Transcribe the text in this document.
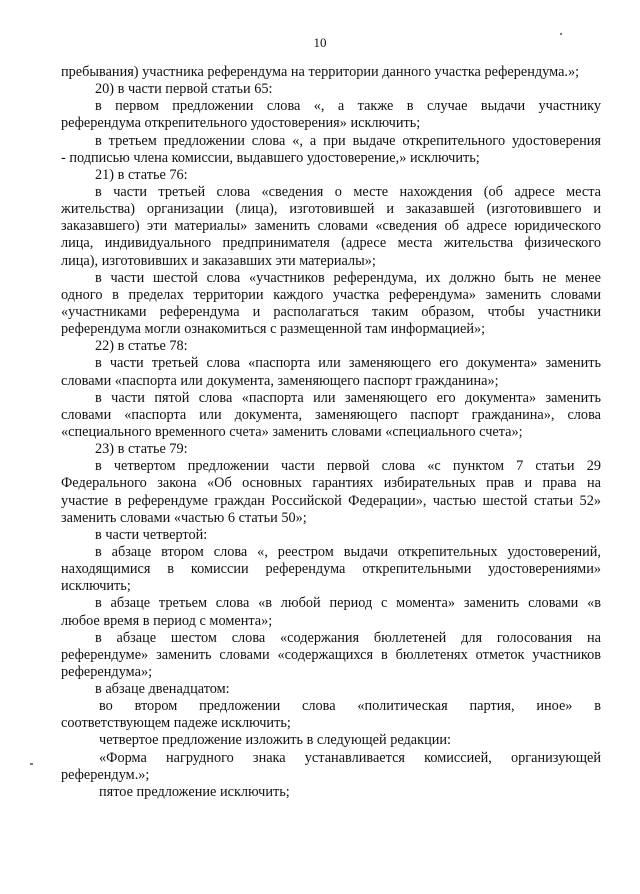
10
пребывания) участника референдума на территории данного участка референдума.»;
20) в части первой статьи 65:
в первом предложении слова «, а также в случае выдачи участнику
референдума открепительного удостоверения» исключить;
в третьем предложении слова «, а при выдаче открепительного удостоверения
- подписью члена комиссии, выдавшего удостоверение,» исключить;
21) в статье 76:
в части третьей слова «сведения о месте нахождения (об адресе места
жительства) организации (лица), изготовившей и заказавшей (изготовившего и
заказавшего) эти материалы» заменить словами «сведения об адресе юридического
лица, индивидуального предпринимателя (адресе места жительства физического
лица), изготовивших и заказавших эти материалы»;
в части шестой слова «участников референдума, их должно быть не менее
одного в пределах территории каждого участка референдума» заменить словами
«участниками референдума и располагаться таким образом, чтобы участники
референдума могли ознакомиться с размещенной там информацией»;
22) в статье 78:
в части третьей слова «паспорта или заменяющего его документа» заменить
словами «паспорта или документа, заменяющего паспорт гражданина»;
в части пятой слова «паспорта или заменяющего его документа» заменить
словами «паспорта или документа, заменяющего паспорт гражданина», слова
«специального временного счета» заменить словами «специального счета»;
23) в статье 79:
в четвертом предложении части первой слова «с пунктом 7 статьи 29
Федерального закона «Об основных гарантиях избирательных прав и права на
участие в референдуме граждан Российской Федерации», частью шестой статьи 52»
заменить словами «частью 6 статьи 50»;
в части четвертой:
в абзаце втором слова «, реестром выдачи открепительных удостоверений,
находящимися в комиссии референдума открепительными удостоверениями»
исключить;
в абзаце третьем слова «в любой период с момента» заменить словами «в
любое время в период с момента»;
в абзаце шестом слова «содержания бюллетеней для голосования на
референдуме» заменить словами «содержащихся в бюллетенях отметок участников
референдума»;
в абзаце двенадцатом:
во втором предложении слова «политическая партия, иное» в
соответствующем падеже исключить;
четвертое предложение изложить в следующей редакции:
«Форма нагрудного знака устанавливается комиссией, организующей
референдум.»;
пятое предложение исключить;
